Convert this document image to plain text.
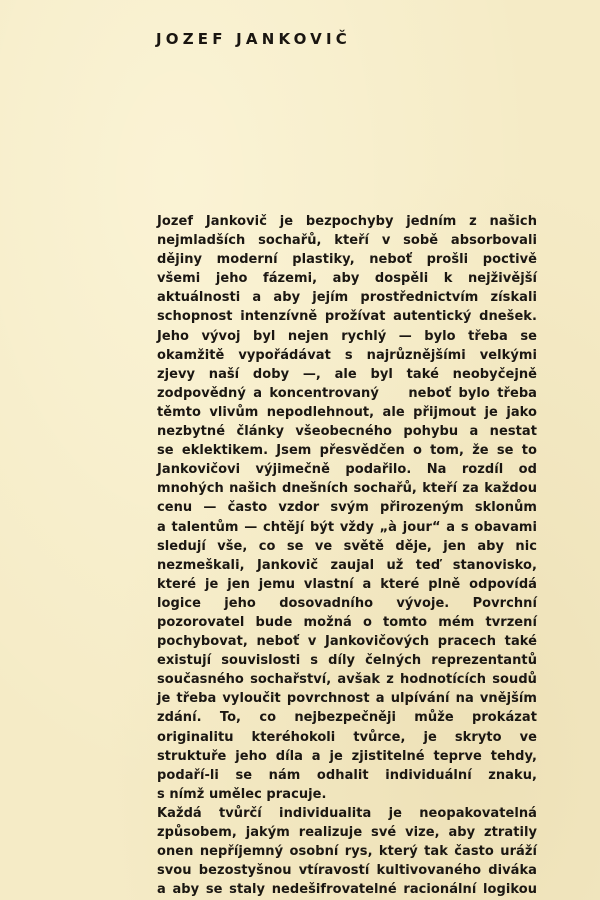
JOZEF JANKOVIČ
Jozef Jankovič je bezpochyby jedním z našich
nejmladších sochařů, kteří v sobě absorbovali
dějiny moderní plastiky, neboť prošli poctivě
všemi jeho fázemi, aby dospěli k nejživější
aktuálnosti a aby jejím prostřednictvím získali
schopnost intenzívně prožívat autentický dnešek.
Jeho vývoj byl nejen rychlý — bylo třeba se
okamžitě vypořádávat s najrůznějšími velkými
zjevy naší doby —, ale byl také neobyčejně
zodpovědný a koncentrovaný    neboť bylo třeba
těmto vlivům nepodlehnout, ale přijmout je jako
nezbytné články všeobecného pohybu a nestat
se eklektikem. Jsem přesvědčen o tom, že se to
Jankovičovi výjimečně podařilo. Na rozdíl od
mnohých našich dnešních sochařů, kteří za každou
cenu — často vzdor svým přirozeným sklonům
a talentům — chtějí být vždy „à jour“ a s obavami
sledují vše, co se ve světě děje, jen aby nic
nezmeškali, Jankovič zaujal už teď stanovisko,
které je jen jemu vlastní a které plně odpovídá
logice jeho dosovadního vývoje. Povrchní
pozorovatel bude možná o tomto mém tvrzení
pochybovat, neboť v Jankovičových pracech také
existují souvislosti s díly čelných reprezentantů
současného sochařství, avšak z hodnotících soudů
je třeba vyloučit povrchnost a ulpívání na vnějším
zdání. To, co nejbezpečněji může prokázat
originalitu kteréhokoli tvůrce, je skryto ve
struktuře jeho díla a je zjistitelné teprve tehdy,
podaří-li se nám odhalit individuální znaku,
s nímž umělec pracuje.
Každá tvůrčí individualita je neopakovatelná
způsobem, jakým realizuje své vize, aby ztratily
onen nepříjemný osobní rys, který tak často uráží
svou bezostyšnou vtíravostí kultivovaného diváka
a aby se staly nedešifrovatelné racionální logikou
